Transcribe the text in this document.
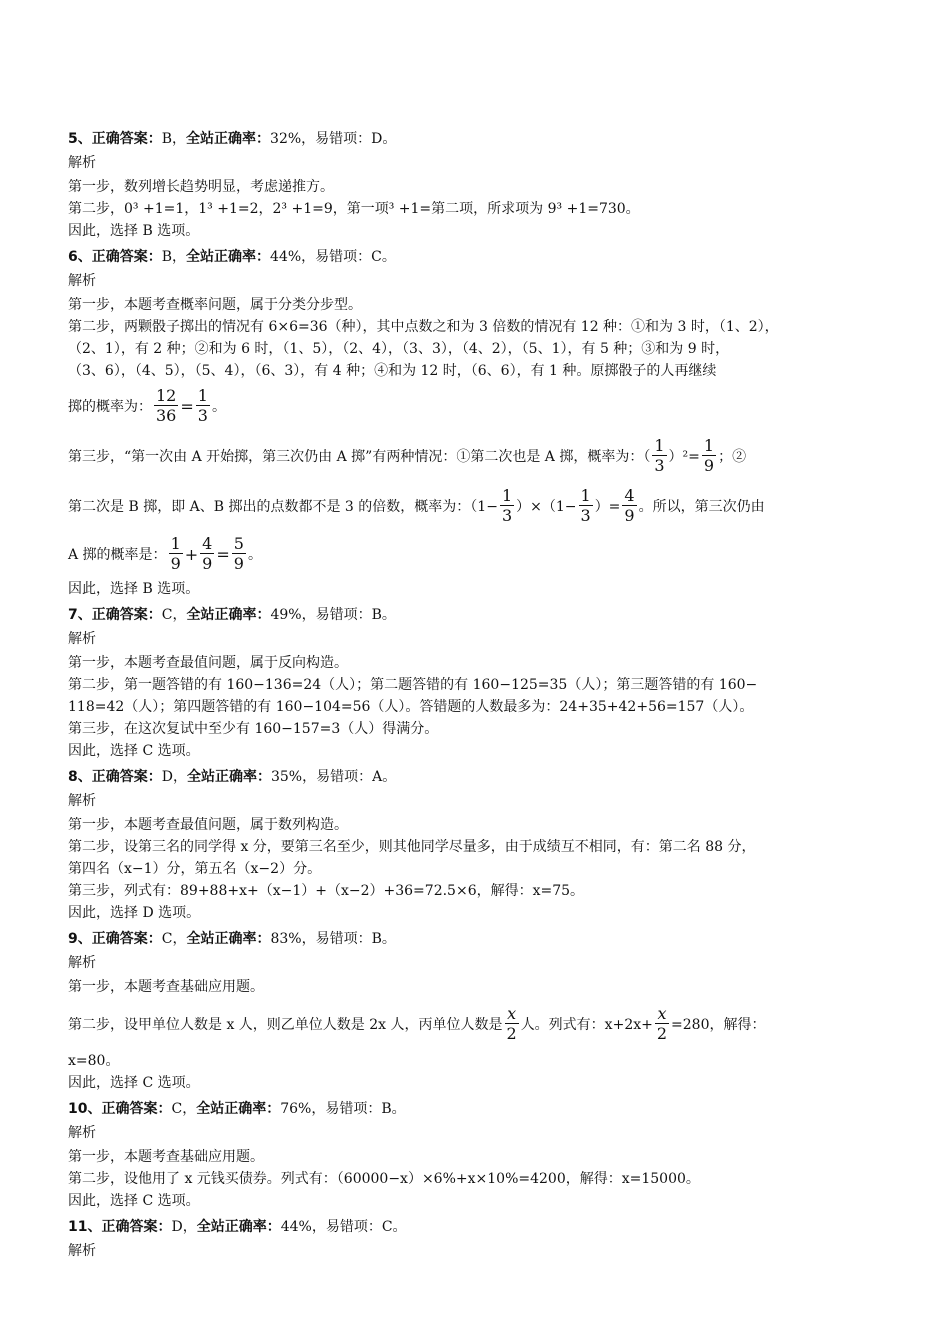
5、正确答案：B，全站正确率：32%，易错项：D。
解析
第一步，数列增长趋势明显，考虑递推方。
第二步，0³ +1=1，1³ +1=2，2³ +1=9，第一项³ +1=第二项，所求项为 9³ +1=730。
因此，选择 B 选项。
6、正确答案：B，全站正确率：44%，易错项：C。
解析
第一步，本题考查概率问题，属于分类分步型。
第二步，两颗骰子掷出的情况有 6×6=36（种），其中点数之和为 3 倍数的情况有 12 种：①和为 3 时，（1、2），
（2、1），有 2 种；②和为 6 时，（1、5），（2、4），（3、3），（4、2），（5、1），有 5 种；③和为 9 时，
（3、6），（4、5），（5、4），（6、3），有 4 种；④和为 12 时，（6、6），有 1 种。原掷骰子的人再继续
掷的概率为： $\frac{12}{36} = \frac{1}{3}$ 。
第三步，“第一次由 A 开始掷，第三次仍由 A 掷”有两种情况：①第二次也是 A 掷，概率为：（ $\frac{1}{3} )^2= \frac{1}{9}$ ；②
第二次是 B 掷，即 A、B 掷出的点数都不是 3 的倍数，概率为：$(1- \frac{1}{3} )\times(1- \frac{1}{3}$ ）= $\frac{4}{9}$ 。所以，第三次仍由
A 掷的概率是： $\frac{1}{9} + \frac{4}{9} = \frac{5}{9}$ 。
因此，选择 B 选项。
7、正确答案：C，全站正确率：49%，易错项：B。
解析
第一步，本题考查最值问题，属于反向构造。
第二步，第一题答错的有 160−136=24（人）；第二题答错的有 160−125=35（人）；第三题答错的有 160−
118=42（人）；第四题答错的有 160−104=56（人）。答错题的人数最多为：24+35+42+56=157（人）。
第三步，在这次复试中至少有 160−157=3（人）得满分。
因此，选择 C 选项。
8、正确答案：D，全站正确率：35%，易错项：A。
解析
第一步，本题考查最值问题，属于数列构造。
第二步，设第三名的同学得 x 分，要第三名至少，则其他同学尽量多，由于成绩互不相同，有：第二名 88 分，
第四名（x−1）分，第五名（x−2）分。
第三步，列式有：89+88+x+（x−1）+（x−2）+36=72.5×6，解得：x=75。
因此，选择 D 选项。
9、正确答案：C，全站正确率：83%，易错项：B。
解析
第一步，本题考查基础应用题。
第二步，设甲单位人数是 x 人，则乙单位人数是 2x 人，丙单位人数是 $\frac{x}{2}$ 人。列式有：$x+2x+ \frac{x}{2} =280$，解得：
x=80。
因此，选择 C 选项。
10、正确答案：C，全站正确率：76%，易错项：B。
解析
第一步，本题考查基础应用题。
第二步，设他用了 x 元钱买债券。列式有：（60000−x）×6%+x×10%=4200，解得：x=15000。
因此，选择 C 选项。
11、正确答案：D，全站正确率：44%，易错项：C。
解析
